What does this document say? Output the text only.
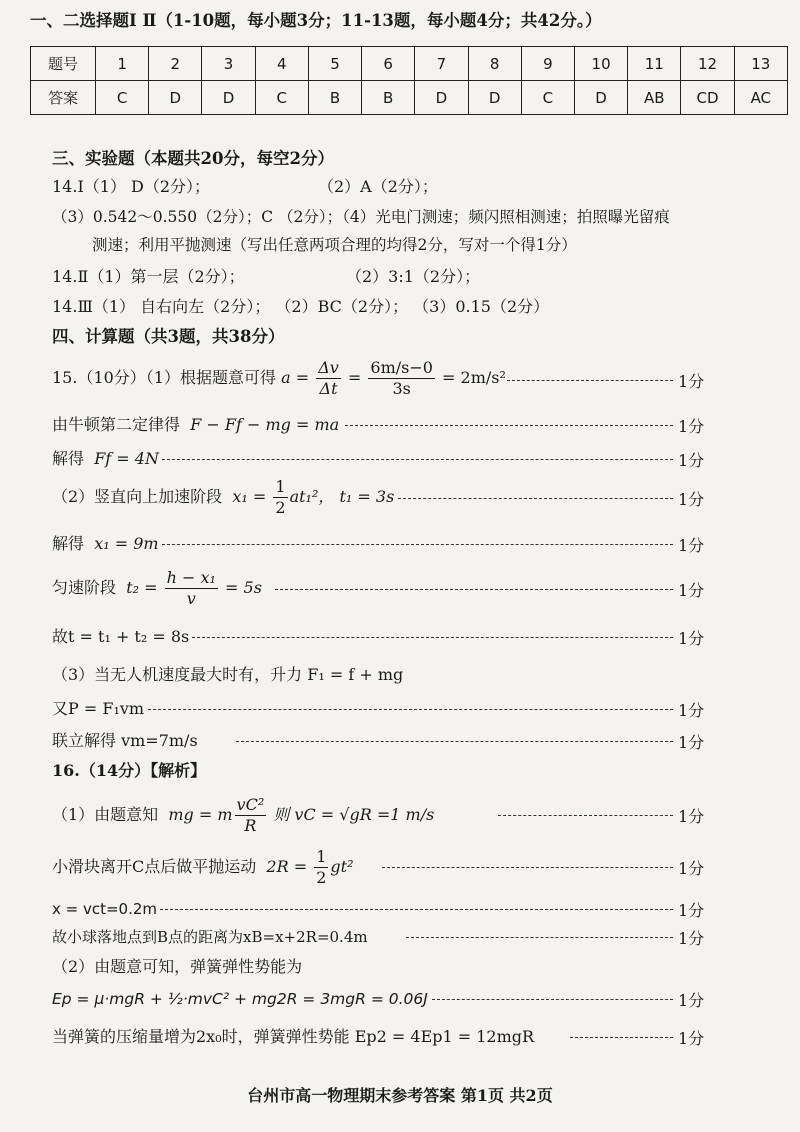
一、二选择题Ⅰ Ⅱ（1-10题，每小题3分；11-13题，每小题4分；共42分。）
题号	1	2	3	4	5	6	7	8	9	10	11	12	13
答案	C	D	D	C	B	B	D	D	C	D	AB	CD	AC
三、实验题（本题共20分，每空2分）
14.Ⅰ（1） D（2分）；	（2）A（2分）；
（3）0.542～0.550（2分）；C （2分）；（4）光电门测速；频闪照相测速；拍照曝光留痕
测速；利用平抛测速（写出任意两项合理的均得2分，写对一个得1分）
14.Ⅱ（1）第一层（2分）；	（2）3:1（2分）；
14.Ⅲ（1） 自右向左（2分）； （2）BC（2分）； （3）0.15（2分）
四、计算题（共3题，共38分）
15.（10分）（1）根据题意可得 $a = \frac{\Delta v}{\Delta t} = \frac{6m/s-0}{3s} = 2m/s^2$	1分
由牛顿第二定律得 F − Ff − mg = ma	1分
解得 Ff = 4N	1分
（2）竖直向上加速阶段 $x_1 = \frac{1}{2} at_1^2$， t₁ = 3s	1分
解得 x₁ = 9m	1分
匀速阶段 $t_2 = \frac{\text{h − x₁}}{v} = 5s$	1分
故t = t₁ + t₂ = 8s	1分
（3）当无人机速度最大时有，升力 F₁ = f + mg
又P = F₁vm	1分
联立解得 vm=7m/s	1分
16.（14分）【解析】
（1）由题意知 mg = m $\frac{\text{vC²}}{R}$ 则 vC = √gR =1 m/s	1分
小滑块离开C点后做平抛运动 $2R = \frac{1}{2} gt^2$	1分
x = vct=0.2m	1分
故小球落地点到B点的距离为xB=x+2R=0.4m	1分
（2）由题意可知，弹簧弹性势能为
Ep = μ·mgR + ½·mvC² + mg2R = 3mgR = 0.06J	1分
当弹簧的压缩量增为2x₀时，弹簧弹性势能 Ep2 = 4Ep1 = 12mgR	1分
台州市高一物理期末参考答案 第1页 共2页
